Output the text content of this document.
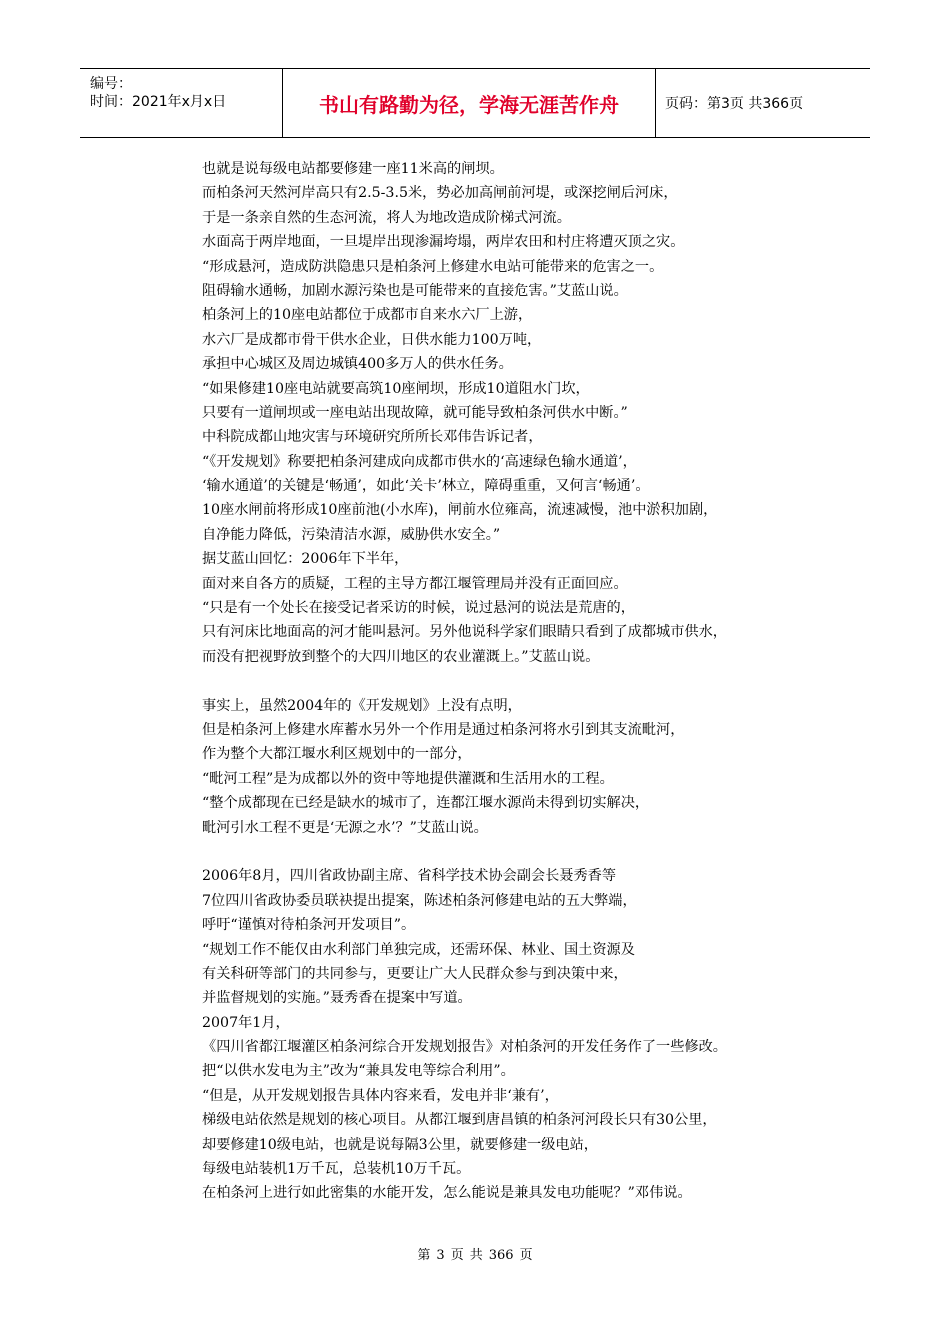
编号：
时间：2021年x月x日	书山有路勤为径，学海无涯苦作舟	页码：第3页 共366页
也就是说每级电站都要修建一座11米高的闸坝。
而柏条河天然河岸高只有2.5-3.5米，势必加高闸前河堤，或深挖闸后河床，
于是一条亲自然的生态河流，将人为地改造成阶梯式河流。
水面高于两岸地面，一旦堤岸出现渗漏垮塌，两岸农田和村庄将遭灭顶之灾。
“形成悬河，造成防洪隐患只是柏条河上修建水电站可能带来的危害之一。
阻碍输水通畅，加剧水源污染也是可能带来的直接危害。”艾蓝山说。
柏条河上的10座电站都位于成都市自来水六厂上游，
水六厂是成都市骨干供水企业，日供水能力100万吨，
承担中心城区及周边城镇400多万人的供水任务。
“如果修建10座电站就要高筑10座闸坝，形成10道阻水门坎，
只要有一道闸坝或一座电站出现故障，就可能导致柏条河供水中断。”
中科院成都山地灾害与环境研究所所长邓伟告诉记者，
“《开发规划》称要把柏条河建成向成都市供水的‘高速绿色输水通道’，
‘输水通道’的关键是‘畅通’，如此‘关卡’林立，障碍重重，又何言‘畅通’。
10座水闸前将形成10座前池(小水库)，闸前水位雍高，流速减慢，池中淤积加剧，
自净能力降低，污染清洁水源，威胁供水安全。”
据艾蓝山回忆：2006年下半年，
面对来自各方的质疑，工程的主导方都江堰管理局并没有正面回应。
“只是有一个处长在接受记者采访的时候，说过悬河的说法是荒唐的，
只有河床比地面高的河才能叫悬河。另外他说科学家们眼睛只看到了成都城市供水，
而没有把视野放到整个的大四川地区的农业灌溉上。”艾蓝山说。
事实上，虽然2004年的《开发规划》上没有点明，
但是柏条河上修建水库蓄水另外一个作用是通过柏条河将水引到其支流毗河，
作为整个大都江堰水利区规划中的一部分，
“毗河工程”是为成都以外的资中等地提供灌溉和生活用水的工程。
“整个成都现在已经是缺水的城市了，连都江堰水源尚未得到切实解决，
毗河引水工程不更是‘无源之水’？”艾蓝山说。
2006年8月，四川省政协副主席、省科学技术协会副会长聂秀香等
7位四川省政协委员联袂提出提案，陈述柏条河修建电站的五大弊端，
呼吁“谨慎对待柏条河开发项目”。
“规划工作不能仅由水利部门单独完成，还需环保、林业、国土资源及
有关科研等部门的共同参与，更要让广大人民群众参与到决策中来，
并监督规划的实施。”聂秀香在提案中写道。
2007年1月，
《四川省都江堰灌区柏条河综合开发规划报告》对柏条河的开发任务作了一些修改。
把“以供水发电为主”改为“兼具发电等综合利用”。
“但是，从开发规划报告具体内容来看，发电并非‘兼有’，
梯级电站依然是规划的核心项目。从都江堰到唐昌镇的柏条河河段长只有30公里，
却要修建10级电站，也就是说每隔3公里，就要修建一级电站，
每级电站装机1万千瓦，总装机10万千瓦。
在柏条河上进行如此密集的水能开发，怎么能说是兼具发电功能呢？”邓伟说。
第 3 页 共 366 页
